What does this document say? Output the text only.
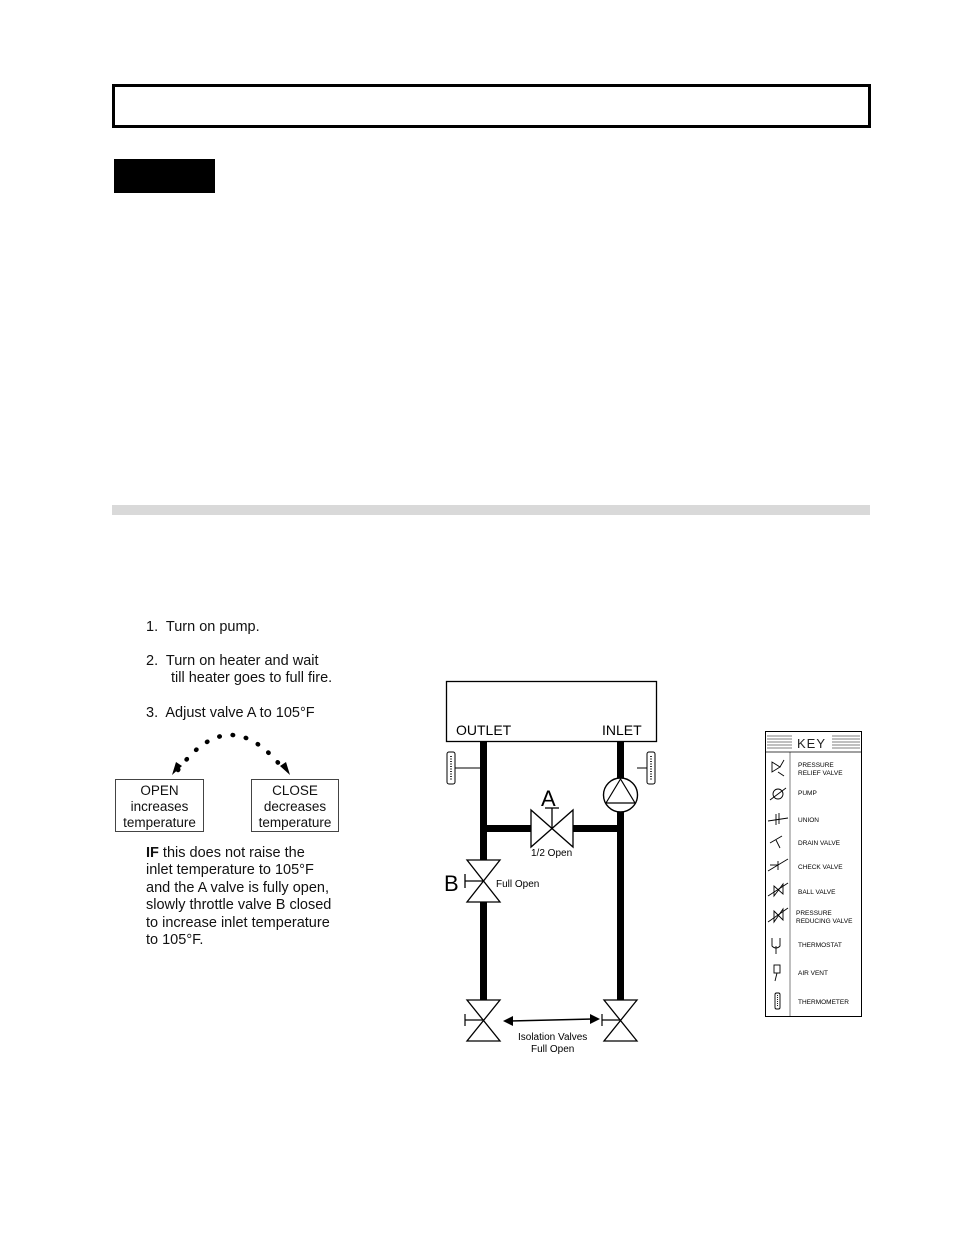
1. Turn on pump.
2. Turn on heater and wait
till heater goes to full fire.
3. Adjust valve A to 105°F
OPEN
increases
temperature
CLOSE
decreases
temperature
IF this does not raise the
inlet temperature to 105°F
and the A valve is fully open,
slowly throttle valve B closed
to increase inlet temperature
to 105°F.
OUTLET	INLET
A
1/2 Open
B	Full Open
Isolation Valves
Full Open
KEY
PRESSURE
RELIEF VALVE
PUMP
UNION
DRAIN VALVE
CHECK VALVE
BALL VALVE
PRESSURE
REDUCING VALVE
THERMOSTAT
AIR VENT
THERMOMETER
